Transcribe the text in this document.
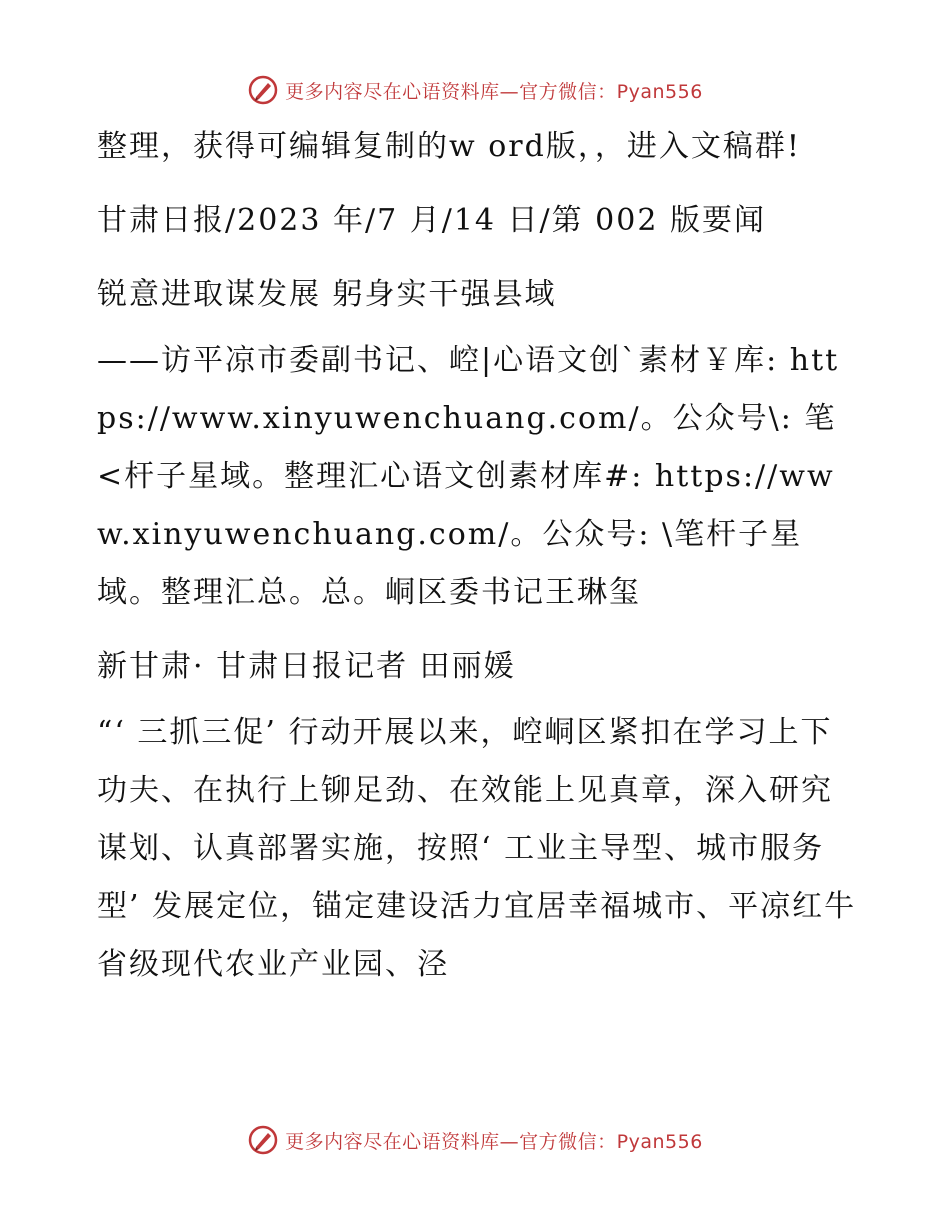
更多内容尽在心语资料库—官方微信：Pyan556

整理，获得可编辑复制的w ord版，，进入文稿群!

甘肃日报/2023 年/7 月/14 日/第 002 版要闻

锐意进取谋发展 躬身实干强县域

——访平凉市委副书记、崆|心语文创`素材￥库: https://www.xinyuwenchuang.com/。公众号\: 笔<杆子星域。整理汇心语文创素材库#: https://www.xinyuwenchuang.com/。公众号: \笔杆子星域。整理汇总。总。峒区委书记王琳玺

新甘肃· 甘肃日报记者 田丽媛

“‘ 三抓三促’ 行动开展以来，崆峒区紧扣在学习上下功夫、在执行上铆足劲、在效能上见真章，深入研究谋划、认真部署实施，按照‘ 工业主导型、城市服务型’ 发展定位，锚定建设活力宜居幸福城市、平凉红牛省级现代农业产业园、泾

更多内容尽在心语资料库—官方微信：Pyan556
